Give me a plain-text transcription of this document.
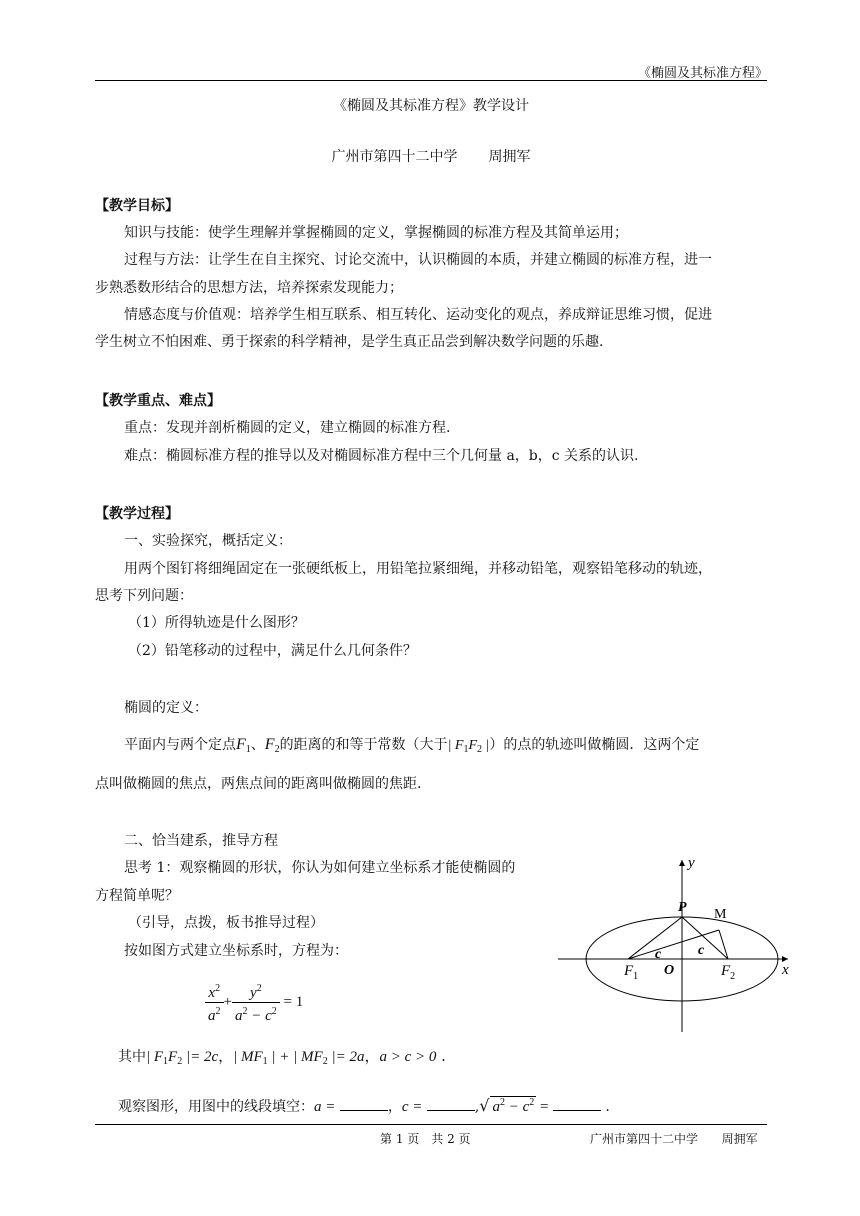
《椭圆及其标准方程》
《椭圆及其标准方程》教学设计
广州市第四十二中学 周拥军
【教学目标】
知识与技能：使学生理解并掌握椭圆的定义，掌握椭圆的标准方程及其简单运用；
过程与方法：让学生在自主探究、讨论交流中，认识椭圆的本质，并建立椭圆的标准方程，进一
步熟悉数形结合的思想方法，培养探索发现能力；
情感态度与价值观：培养学生相互联系、相互转化、运动变化的观点，养成辩证思维习惯，促进
学生树立不怕困难、勇于探索的科学精神，是学生真正品尝到解决数学问题的乐趣.
【教学重点、难点】
重点：发现并剖析椭圆的定义，建立椭圆的标准方程.
难点：椭圆标准方程的推导以及对椭圆标准方程中三个几何量 a，b，c 关系的认识.
【教学过程】
一、实验探究，概括定义：
用两个图钉将细绳固定在一张硬纸板上，用铅笔拉紧细绳，并移动铅笔，观察铅笔移动的轨迹，
思考下列问题：
（1）所得轨迹是什么图形？
（2）铅笔移动的过程中，满足什么几何条件？
椭圆的定义：
平面内与两个定点$F_1$、$F_2$的距离的和等于常数（大于| $F_1F_2$ |）的点的轨迹叫做椭圆．这两个定
点叫做椭圆的焦点，两焦点间的距离叫做椭圆的焦距.
二、恰当建系，推导方程
思考 1：观察椭圆的形状，你认为如何建立坐标系才能使椭圆的
方程简单呢？
（引导，点拨，板书推导过程）
按如图方式建立坐标系时，方程为：
$\frac{x^2}{a^2} + \frac{y^2}{a^2 - c^2} = 1$
其中| $F_1F_2$ |= 2c，| $MF_1$ | + | $MF_2$ |= 2a，a > c > 0 .
观察图形，用图中的线段填空：a =	，c =	,√ $a^2 - c^2$ =	.
y
x
P M
c	c
O
$F_1$	$F_2$
第 1 页　共 2 页	广州市第四十二中学 周拥军
